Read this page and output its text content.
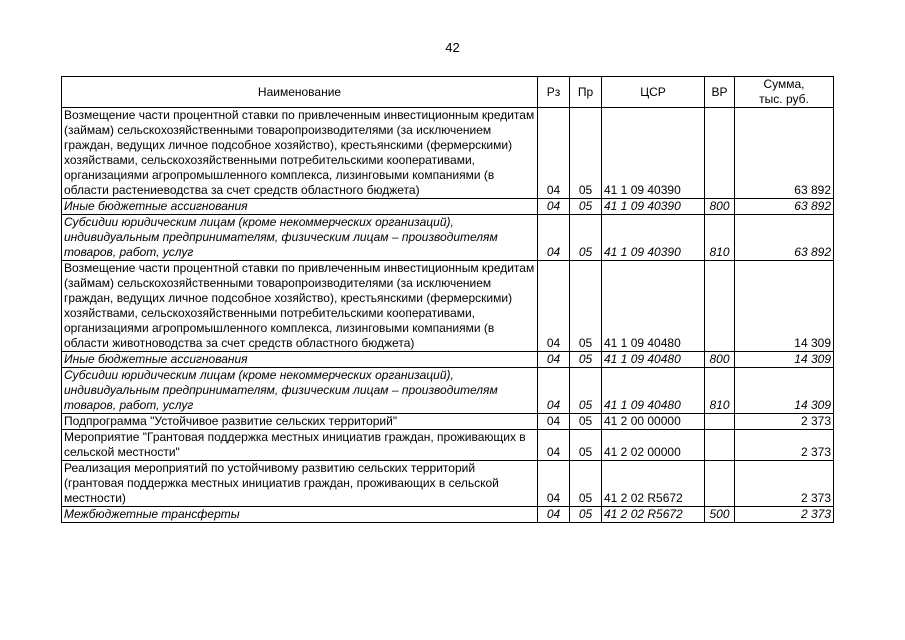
42
Наименование	Рз	Пр	ЦСР	ВР	Сумма,
тыс. руб.

Возмещение части процентной ставки по привлеченным инвестиционным кредитам (займам) сельскохозяйственными товаропроизводителями (за исключением граждан, ведущих личное подсобное хозяйство), крестьянскими (фермерскими) хозяйствами, сельскохозяйственными потребительскими кооперативами, организациями агропромышленного комплекса, лизинговыми компаниями (в области растениеводства за счет средств областного бюджета)	04	05	41 1 09 40390		63 892
Иные бюджетные ассигнования	04	05	41 1 09 40390	800	63 892
Субсидии юридическим лицам (кроме некоммерческих организаций), индивидуальным предпринимателям, физическим лицам – производителям товаров, работ, услуг	04	05	41 1 09 40390	810	63 892
Возмещение части процентной ставки по привлеченным инвестиционным кредитам (займам) сельскохозяйственными товаропроизводителями (за исключением граждан, ведущих личное подсобное хозяйство), крестьянскими (фермерскими) хозяйствами, сельскохозяйственными потребительскими кооперативами, организациями агропромышленного комплекса, лизинговыми компаниями (в области животноводства за счет средств областного бюджета)	04	05	41 1 09 40480		14 309
Иные бюджетные ассигнования	04	05	41 1 09 40480	800	14 309
Субсидии юридическим лицам (кроме некоммерческих организаций), индивидуальным предпринимателям, физическим лицам – производителям товаров, работ, услуг	04	05	41 1 09 40480	810	14 309
Подпрограмма "Устойчивое развитие сельских территорий"	04	05	41 2 00 00000		2 373
Мероприятие "Грантовая поддержка местных инициатив граждан, проживающих в сельской местности"	04	05	41 2 02 00000		2 373
Реализация мероприятий по устойчивому развитию сельских территорий (грантовая поддержка местных инициатив граждан, проживающих в сельской местности)	04	05	41 2 02 R5672		2 373
Межбюджетные трансферты	04	05	41 2 02 R5672	500	2 373
